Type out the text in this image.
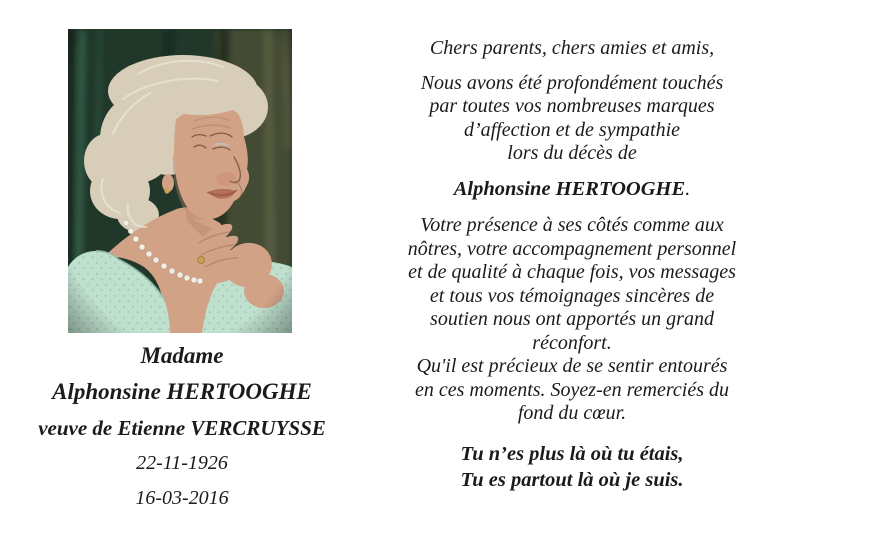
Madame
Alphonsine HERTOOGHE
veuve de Etienne VERCRUYSSE
22-11-1926
16-03-2016
Chers parents, chers amies et amis,
Nous avons été profondément touchés
par toutes vos nombreuses marques
d’affection et de sympathie
lors du décès de
Alphonsine HERTOOGHE.
Votre présence à ses côtés comme aux
nôtres, votre accompagnement personnel
et de qualité à chaque fois, vos messages
et tous vos témoignages sincères de
soutien nous ont apportés un grand
réconfort.
Qu'il est précieux de se sentir entourés
en ces moments. Soyez-en remerciés du
fond du cœur.
Tu n’es plus là où tu étais,
Tu es partout là où je suis.
